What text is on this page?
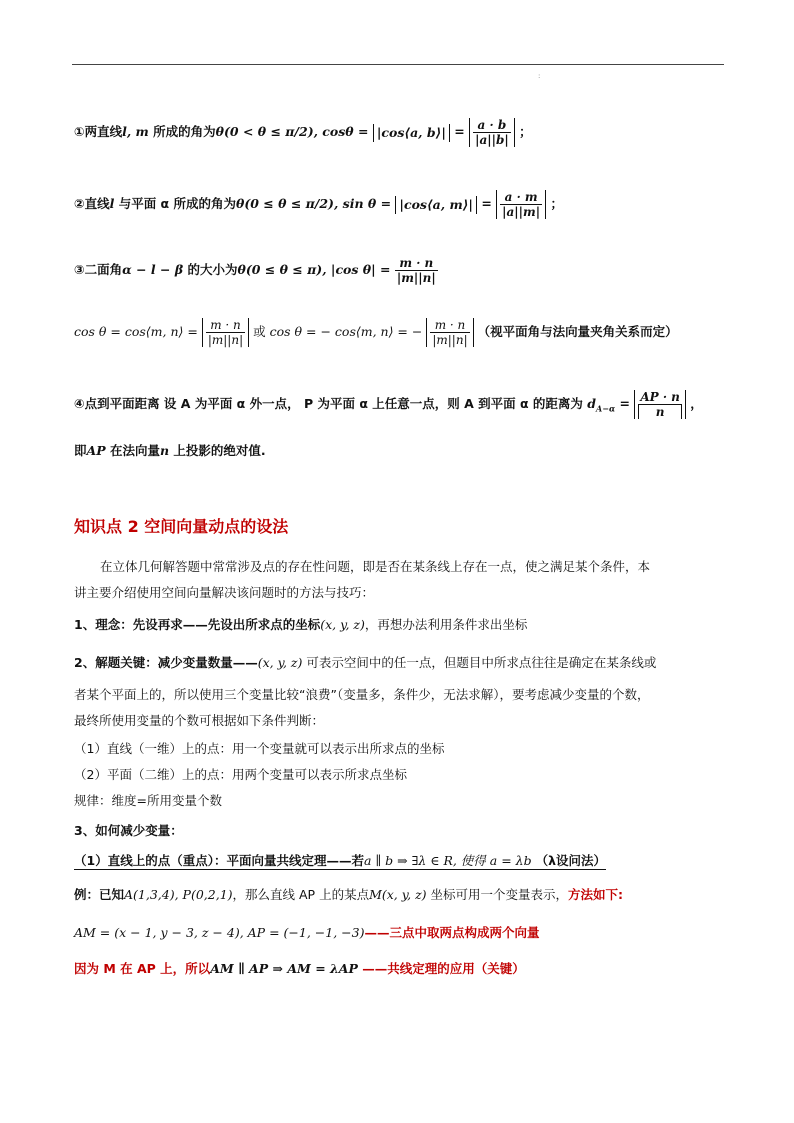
:
①两直线l, m 所成的角为θ(0 < θ ≤ π/2), cosθ = |cos⟨a, b⟩| = $\frac{a \cdot b}{|a||b|}$ ；
②直线l 与平面 α 所成的角为θ(0 ≤ θ ≤ π/2), sin θ = |cos⟨a, m⟩| = $\frac{a \cdot m}{|a||m|}$ ；
③二面角α − l − β 的大小为θ(0 ≤ θ ≤ π), |cos $\theta| = \frac{m \cdot n}{|m||n|}$
cos θ = cos⟨m, n⟩ = $\frac{m \cdot n}{|m||n|}$ 或 cos θ = − cos⟨m, n⟩ = − $\frac{m \cdot n}{|m||n|}$ （视平面角与法向量夹角关系而定）
④点到平面距离 设 A 为平面 α 外一点， P 为平面 α 上任意一点，则 A 到平面 α 的距离为 $d_{A-\alpha} = \frac{AP \cdot n}{n}$ ，
即AP 在法向量n 上投影的绝对值.
知识点 2 空间向量动点的设法
在立体几何解答题中常常涉及点的存在性问题，即是否在某条线上存在一点，使之满足某个条件，本
讲主要介绍使用空间向量解决该问题时的方法与技巧：
1、理念：先设再求——先设出所求点的坐标(x, y, z)，再想办法利用条件求出坐标
2、解题关键：减少变量数量——(x, y, z) 可表示空间中的任一点，但题目中所求点往往是确定在某条线或
者某个平面上的，所以使用三个变量比较“浪费”（变量多，条件少，无法求解），要考虑减少变量的个数，
最终所使用变量的个数可根据如下条件判断：
（1）直线（一维）上的点：用一个变量就可以表示出所求点的坐标
（2）平面（二维）上的点：用两个变量可以表示所求点坐标
规律：维度=所用变量个数
3、如何减少变量：
（1）直线上的点（重点）：平面向量共线定理——若a ∥ b ⇒ ∃λ ∈ R, 使得 a = λb （λ设问法）
例：已知A(1,3,4), P(0,2,1)，那么直线 AP 上的某点M(x, y, z) 坐标可用一个变量表示，方法如下:
AM = (x − 1, y − 3, z − 4), AP = (−1, −1, −3)——三点中取两点构成两个向量
因为 M 在 AP 上，所以AM ∥ AP ⇒ AM = λAP ——共线定理的应用（关键）
